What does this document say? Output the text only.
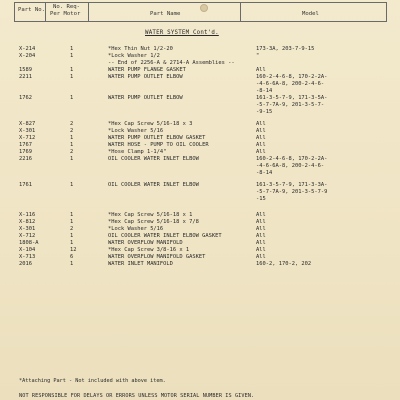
Part No. No. Req-
Per Motor	Part Name	Model
WATER SYSTEM Cont'd.
X-214	1	*Hex Thin Nut 1/2-20	173-3A, 203-7-9-15
X-204	1	*Lock Washer 1/2	"
-- End of 2256-A & 2714-A Assemblies --
1589	1	WATER PUMP FLANGE GASKET	All
2211	1	WATER PUMP OUTLET ELBOW	160-2-4-6-8, 170-2-2A-
-4-6-6A-8, 200-2-4-6-
-8-14
1762	1	WATER PUMP OUTLET ELBOW	161-3-5-7-9, 171-3-5A-
-5-7-7A-9, 201-3-5-7-
-9-15
X-827	2	*Hex Cap Screw 5/16-18 x 3	All
X-301	2	*Lock Washer 5/16	All
X-712	1	WATER PUMP OUTLET ELBOW GASKET	All
1767	1	WATER HOSE - PUMP TO OIL COOLER	All
1769	2	*Hose Clamp 1-1/4"	All
2216	1	OIL COOLER WATER INLET ELBOW	160-2-4-6-8, 170-2-2A-
-4-6-6A-8, 200-2-4-6-
-8-14
1761	1	OIL COOLER WATER INLET ELBOW	161-3-5-7-9, 171-3-3A-
-5-7-7A-9, 201-3-5-7-9
-15
X-116	1	*Hex Cap Screw 5/16-18 x 1	All
X-812	1	*Hex Cap Screw 5/16-18 x 7/8	All
X-301	2	*Lock Washer 5/16	All
X-712	1	OIL COOLER WATER INLET ELBOW GASKET	All
1808-A	1	WATER OVERFLOW MANIFOLD	All
X-104	12	*Hex Cap Screw 3/8-16 x 1	All
X-713	6	WATER OVERFLOW MANIFOLD GASKET	All
2016	1	WATER INLET MANIFOLD	160-2, 170-2, 202
*Attaching Part - Not included with above item.
NOT RESPONSIBLE FOR DELAYS OR ERRORS UNLESS MOTOR SERIAL NUMBER IS GIVEN.
